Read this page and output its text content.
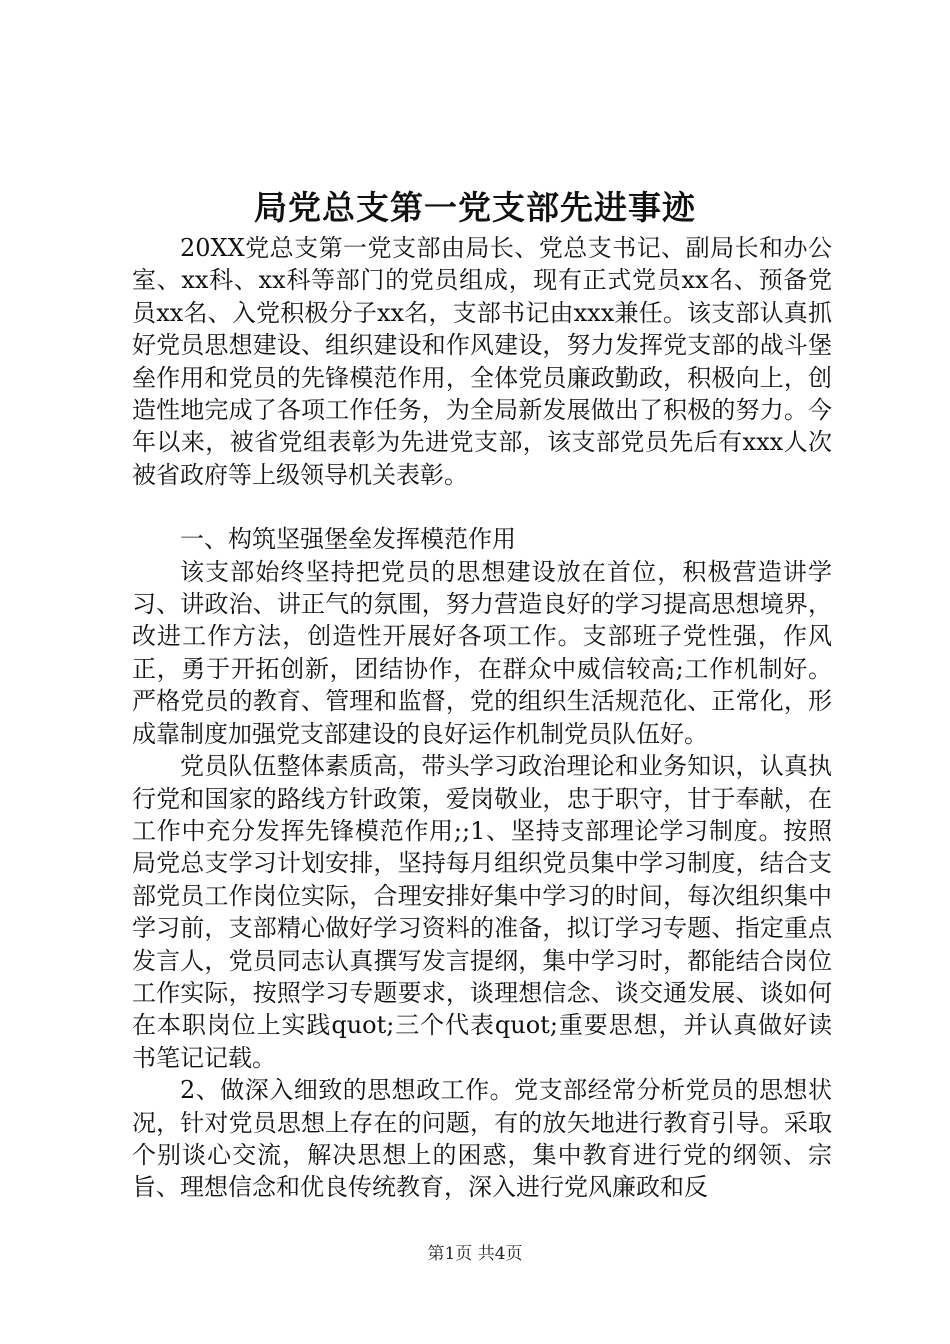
局党总支第一党支部先进事迹

20XX党总支第一党支部由局长、党总支书记、副局长和办公室、xx科、xx科等部门的党员组成，现有正式党员xx名、预备党员xx名、入党积极分子xx名，支部书记由xxx兼任。该支部认真抓好党员思想建设、组织建设和作风建设，努力发挥党支部的战斗堡垒作用和党员的先锋模范作用，全体党员廉政勤政，积极向上，创造性地完成了各项工作任务，为全局新发展做出了积极的努力。今年以来，被省党组表彰为先进党支部，该支部党员先后有xxx人次被省政府等上级领导机关表彰。

一、构筑坚强堡垒发挥模范作用

该支部始终坚持把党员的思想建设放在首位，积极营造讲学习、讲政治、讲正气的氛围，努力营造良好的学习提高思想境界，改进工作方法，创造性开展好各项工作。支部班子党性强，作风正，勇于开拓创新，团结协作，在群众中威信较高;工作机制好。严格党员的教育、管理和监督，党的组织生活规范化、正常化，形成靠制度加强党支部建设的良好运作机制党员队伍好。

党员队伍整体素质高，带头学习政治理论和业务知识，认真执行党和国家的路线方针政策，爱岗敬业，忠于职守，甘于奉献，在工作中充分发挥先锋模范作用;;1、坚持支部理论学习制度。按照局党总支学习计划安排，坚持每月组织党员集中学习制度，结合支部党员工作岗位实际，合理安排好集中学习的时间，每次组织集中学习前，支部精心做好学习资料的准备，拟订学习专题、指定重点发言人，党员同志认真撰写发言提纲，集中学习时，都能结合岗位工作实际，按照学习专题要求，谈理想信念、谈交通发展、谈如何在本职岗位上实践quot;三个代表quot;重要思想，并认真做好读书笔记记载。

2、做深入细致的思想政工作。党支部经常分析党员的思想状况，针对党员思想上存在的问题，有的放矢地进行教育引导。采取个别谈心交流，解决思想上的困惑，集中教育进行党的纲领、宗旨、理想信念和优良传统教育，深入进行党风廉政和反

第1页 共4页
